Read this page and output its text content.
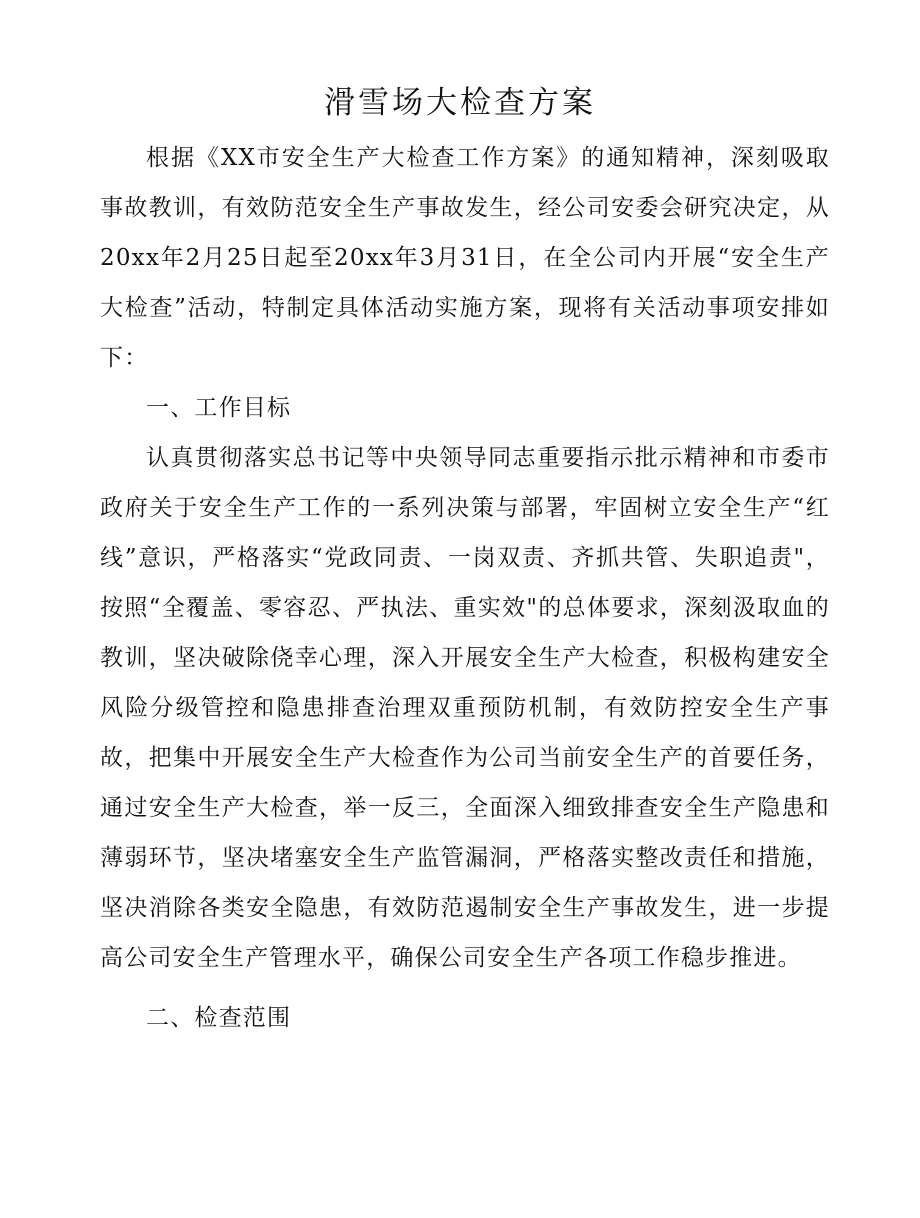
滑雪场大检查方案

根据《XX市安全生产大检查工作方案》的通知精神，深刻吸取事故教训，有效防范安全生产事故发生，经公司安委会研究决定，从20xx年2月25日起至20xx年3月31日，在全公司内开展“安全生产大检查”活动，特制定具体活动实施方案，现将有关活动事项安排如下：

一、工作目标

认真贯彻落实总书记等中央领导同志重要指示批示精神和市委市政府关于安全生产工作的一系列决策与部署，牢固树立安全生产“红线”意识，严格落实“党政同责、一岗双责、齐抓共管、失职追责"，按照“全覆盖、零容忍、严执法、重实效"的总体要求，深刻汲取血的教训，坚决破除侥幸心理，深入开展安全生产大检查，积极构建安全风险分级管控和隐患排查治理双重预防机制，有效防控安全生产事故，把集中开展安全生产大检查作为公司当前安全生产的首要任务，通过安全生产大检查，举一反三，全面深入细致排查安全生产隐患和薄弱环节，坚决堵塞安全生产监管漏洞，严格落实整改责任和措施，坚决消除各类安全隐患，有效防范遏制安全生产事故发生，进一步提高公司安全生产管理水平，确保公司安全生产各项工作稳步推进。

二、检查范围
